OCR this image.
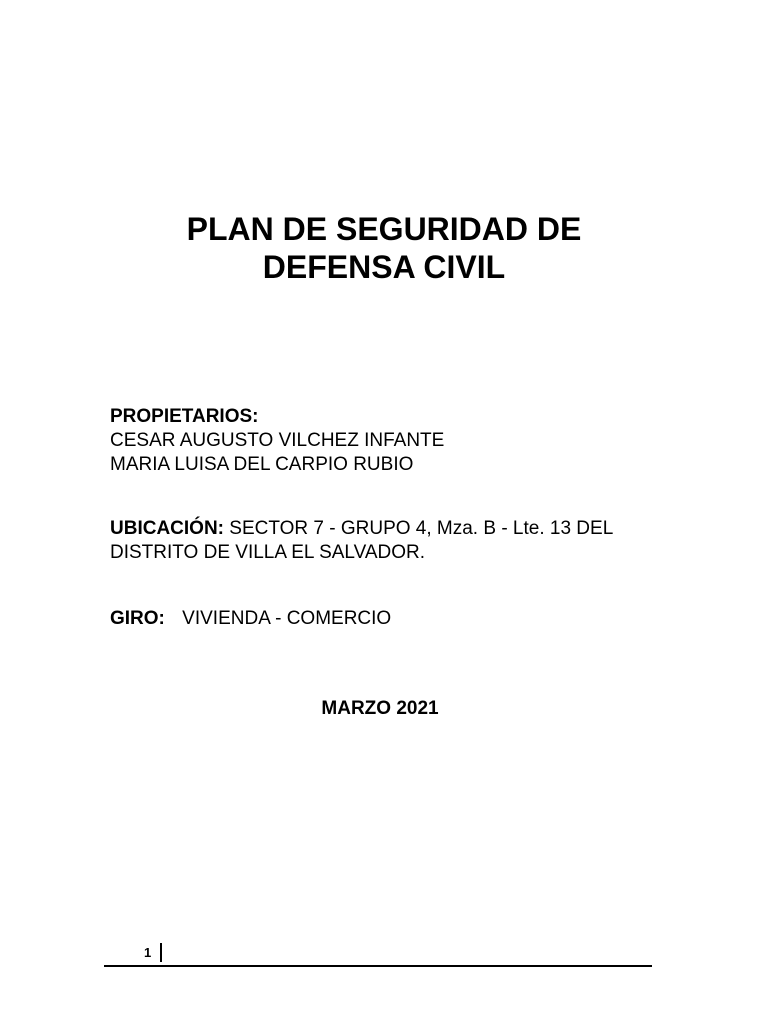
PLAN DE SEGURIDAD DE
DEFENSA CIVIL
PROPIETARIOS:
CESAR AUGUSTO VILCHEZ INFANTE
MARIA LUISA DEL CARPIO RUBIO
UBICACIÓN: SECTOR 7 - GRUPO 4, Mza. B - Lte. 13 DEL DISTRITO DE VILLA EL SALVADOR.
GIRO: VIVIENDA - COMERCIO
MARZO 2021
1
